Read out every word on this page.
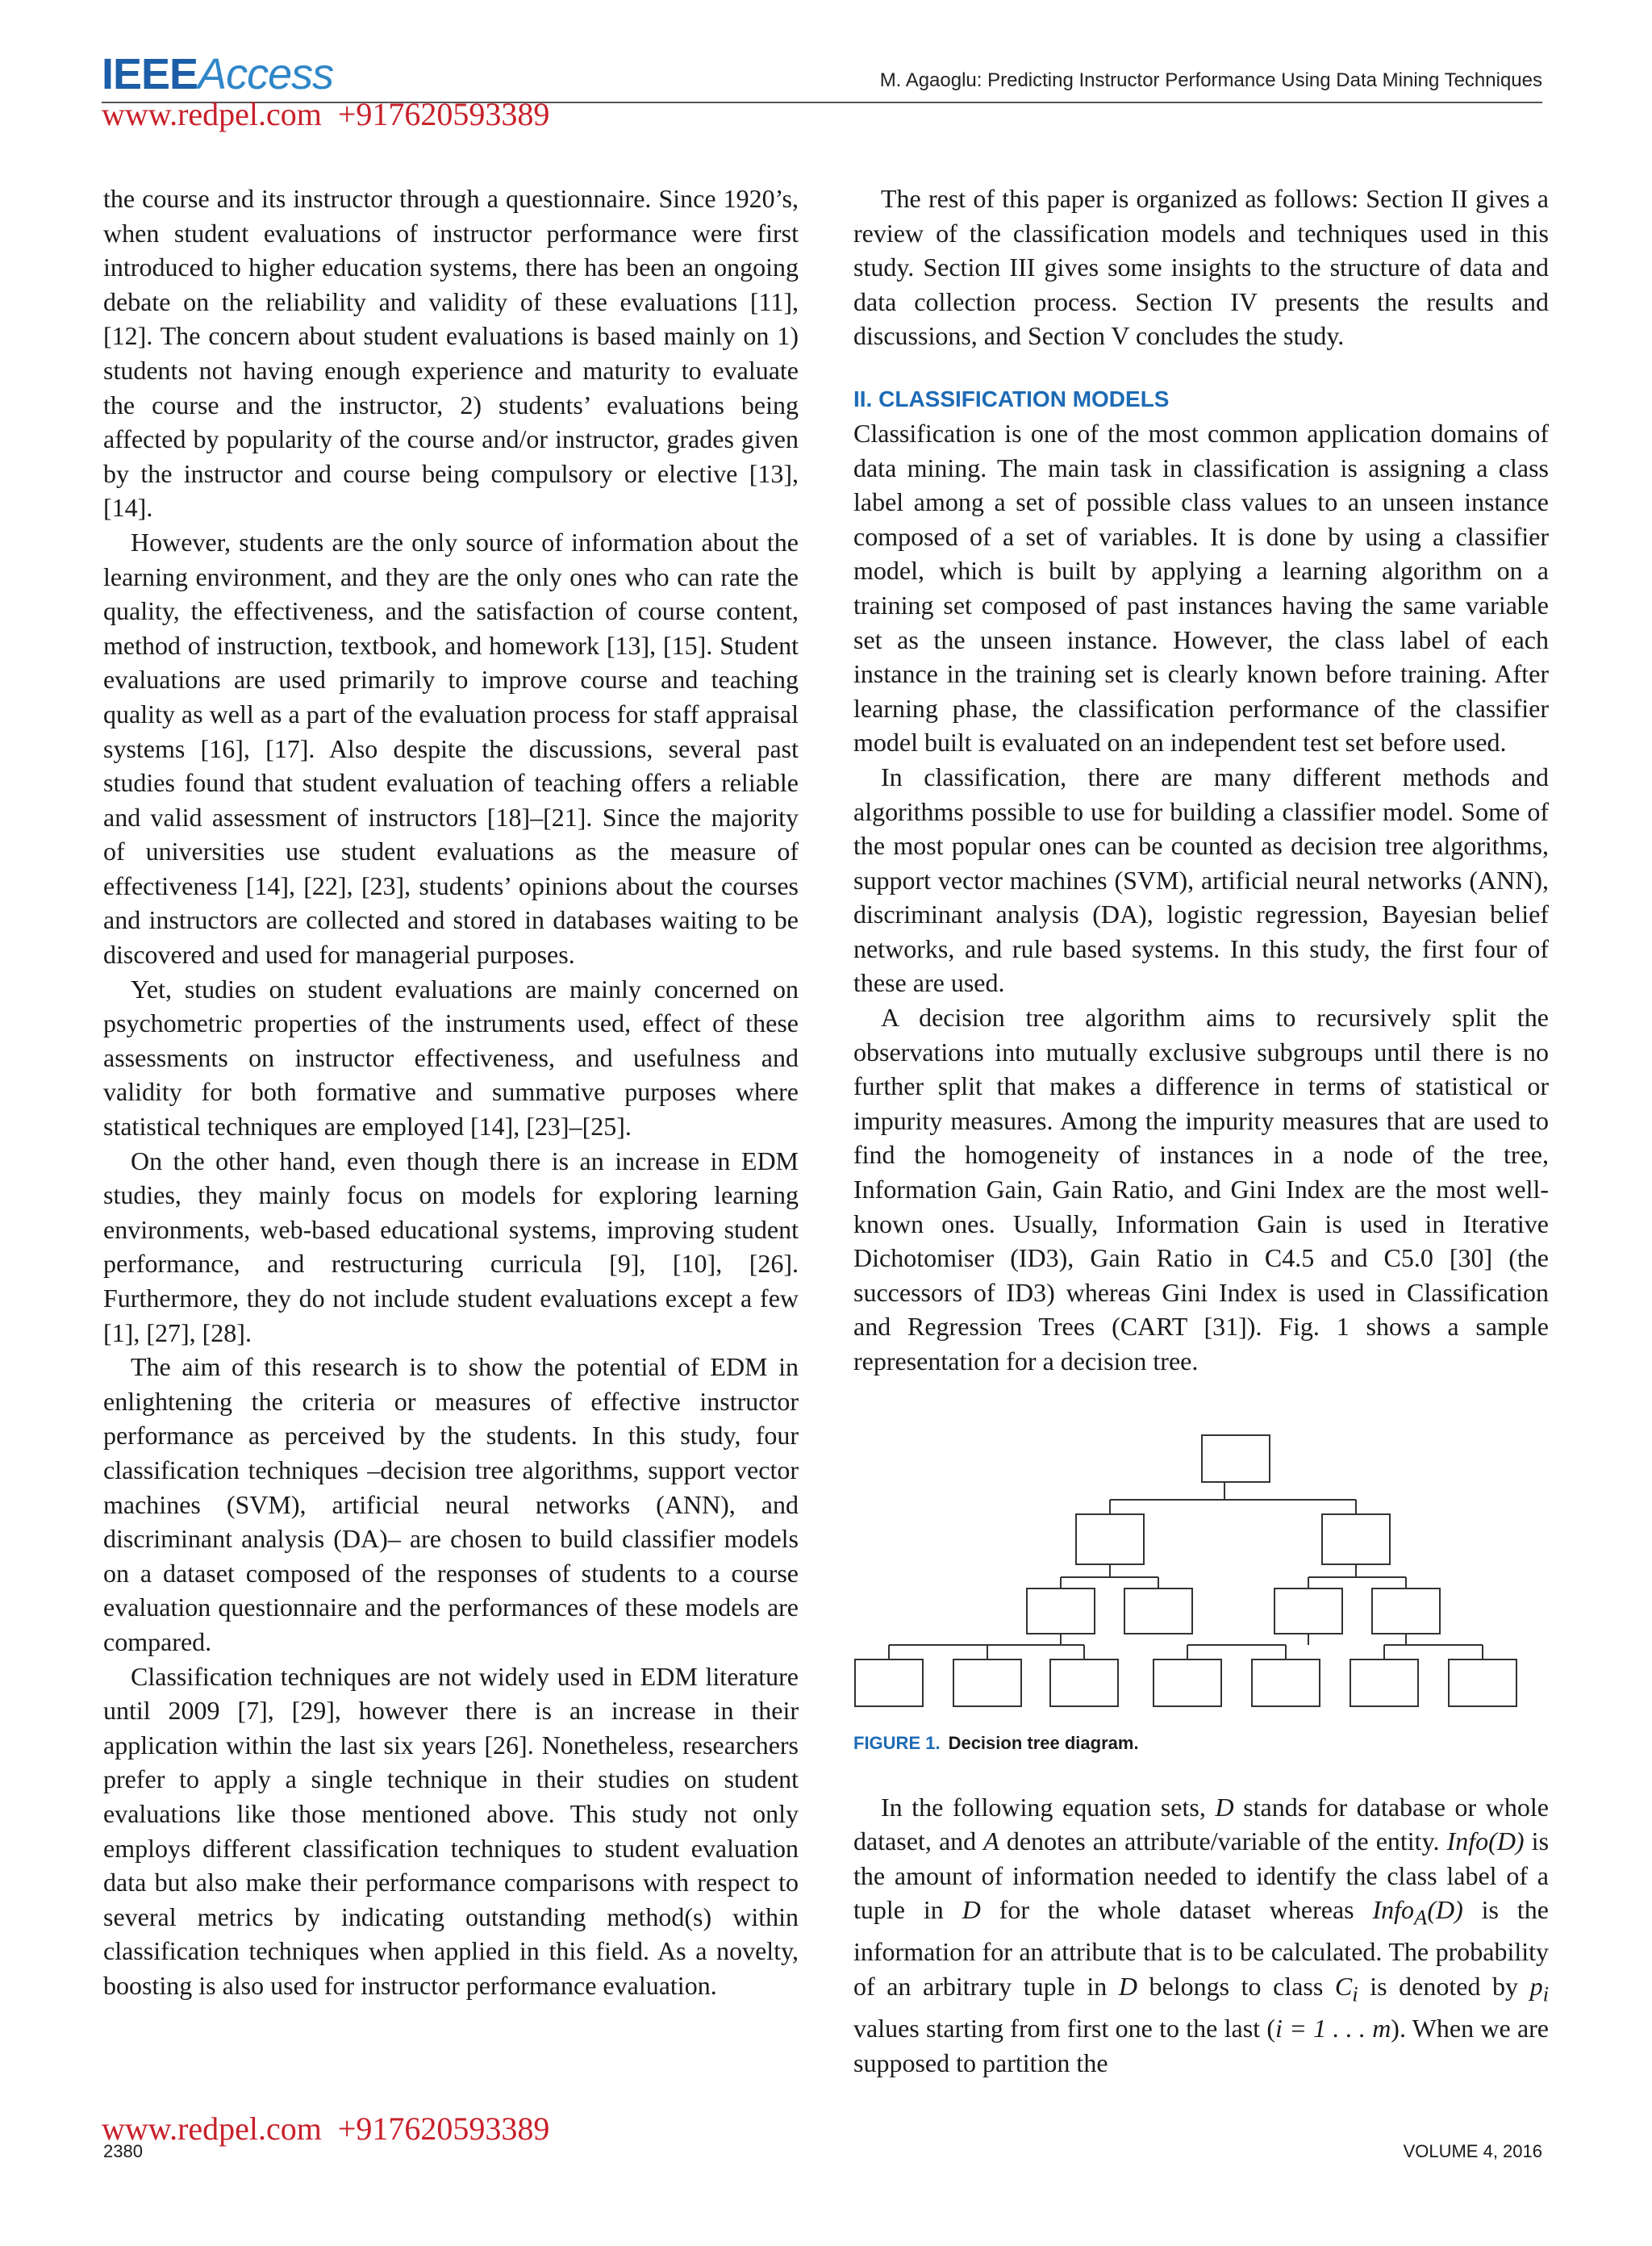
IEEEAccess	M. Agaoglu: Predicting Instructor Performance Using Data Mining Techniques
www.redpel.com  +917620593389

the course and its instructor through a questionnaire. Since 1920’s, when student evaluations of instructor performance were first introduced to higher education systems, there has been an ongoing debate on the reliability and validity of these evaluations [11], [12]. The concern about student evaluations is based mainly on 1) students not having enough experience and maturity to evaluate the course and the instructor, 2) students’ evaluations being affected by popularity of the course and/or instructor, grades given by the instructor and course being compulsory or elective [13], [14].

However, students are the only source of information about the learning environment, and they are the only ones who can rate the quality, the effectiveness, and the satisfaction of course content, method of instruction, textbook, and homework [13], [15]. Student evaluations are used primarily to improve course and teaching quality as well as a part of the evaluation process for staff appraisal systems [16], [17]. Also despite the discussions, several past studies found that student evaluation of teaching offers a reliable and valid assessment of instructors [18]–[21]. Since the majority of universities use student evaluations as the measure of effectiveness [14], [22], [23], students’ opinions about the courses and instructors are collected and stored in databases waiting to be discovered and used for managerial purposes.

Yet, studies on student evaluations are mainly concerned on psychometric properties of the instruments used, effect of these assessments on instructor effectiveness, and usefulness and validity for both formative and summative purposes where statistical techniques are employed [14], [23]–[25].

On the other hand, even though there is an increase in EDM studies, they mainly focus on models for exploring learning environments, web-based educational systems, improving student performance, and restructuring curricula [9], [10], [26]. Furthermore, they do not include student evaluations except a few [1], [27], [28].

The aim of this research is to show the potential of EDM in enlightening the criteria or measures of effective instructor performance as perceived by the students. In this study, four classification techniques –decision tree algorithms, support vector machines (SVM), artificial neural networks (ANN), and discriminant analysis (DA)– are chosen to build classifier models on a dataset composed of the responses of students to a course evaluation questionnaire and the performances of these models are compared.

Classification techniques are not widely used in EDM literature until 2009 [7], [29], however there is an increase in their application within the last six years [26]. Nonetheless, researchers prefer to apply a single technique in their studies on student evaluations like those mentioned above. This study not only employs different classification techniques to student evaluation data but also make their performance comparisons with respect to several metrics by indicating outstanding method(s) within classification techniques when applied in this field. As a novelty, boosting is also used for instructor performance evaluation.

The rest of this paper is organized as follows: Section II gives a review of the classification models and techniques used in this study. Section III gives some insights to the structure of data and data collection process. Section IV presents the results and discussions, and Section V concludes the study.

II. CLASSIFICATION MODELS

Classification is one of the most common application domains of data mining. The main task in classification is assigning a class label among a set of possible class values to an unseen instance composed of a set of variables. It is done by using a classifier model, which is built by applying a learning algorithm on a training set composed of past instances having the same variable set as the unseen instance. However, the class label of each instance in the training set is clearly known before training. After learning phase, the classification performance of the classifier model built is evaluated on an independent test set before used.

In classification, there are many different methods and algorithms possible to use for building a classifier model. Some of the most popular ones can be counted as decision tree algorithms, support vector machines (SVM), artificial neural networks (ANN), discriminant analysis (DA), logistic regression, Bayesian belief networks, and rule based systems. In this study, the first four of these are used.

A decision tree algorithm aims to recursively split the observations into mutually exclusive subgroups until there is no further split that makes a difference in terms of statistical or impurity measures. Among the impurity measures that are used to find the homogeneity of instances in a node of the tree, Information Gain, Gain Ratio, and Gini Index are the most well-known ones. Usually, Information Gain is used in Iterative Dichotomiser (ID3), Gain Ratio in C4.5 and C5.0 [30] (the successors of ID3) whereas Gini Index is used in Classification and Regression Trees (CART [31]). Fig. 1 shows a sample representation for a decision tree.

FIGURE 1. Decision tree diagram.

In the following equation sets, D stands for database or whole dataset, and A denotes an attribute/variable of the entity. Info(D) is the amount of information needed to identify the class label of a tuple in D for the whole dataset whereas Info$_A$(D) is the information for an attribute that is to be calculated. The probability of an arbitrary tuple in D belongs to class $C_i$ is denoted by $p_i$ values starting from first one to the last (i = 1 . . . m). When we are supposed to partition the

www.redpel.com  +917620593389
2380	VOLUME 4, 2016
